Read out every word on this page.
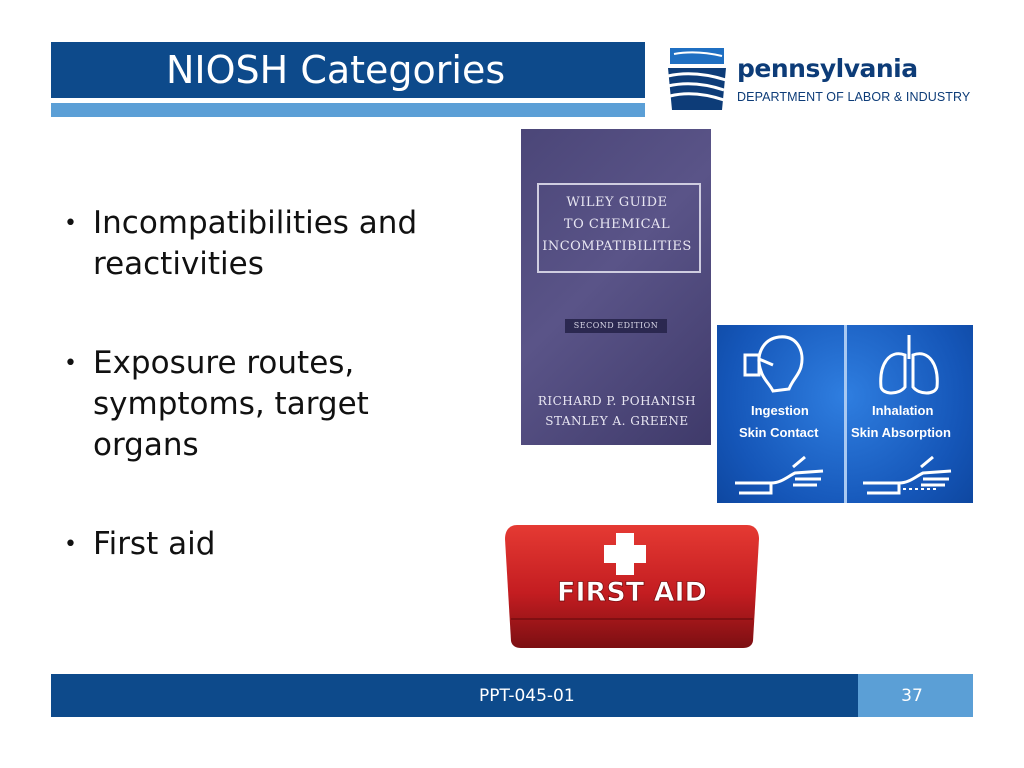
NIOSH Categories	pennsylvania
DEPARTMENT OF LABOR & INDUSTRY
• Incompatibilities and reactivities
• Exposure routes, symptoms, target organs
• First aid
WILEY GUIDE
TO CHEMICAL
INCOMPATIBILITIES
SECOND EDITION
RICHARD P. POHANISH
STANLEY A. GREENE
Ingestion	Inhalation
Skin Contact	Skin Absorption
FIRST AID
PPT-045-01	37
